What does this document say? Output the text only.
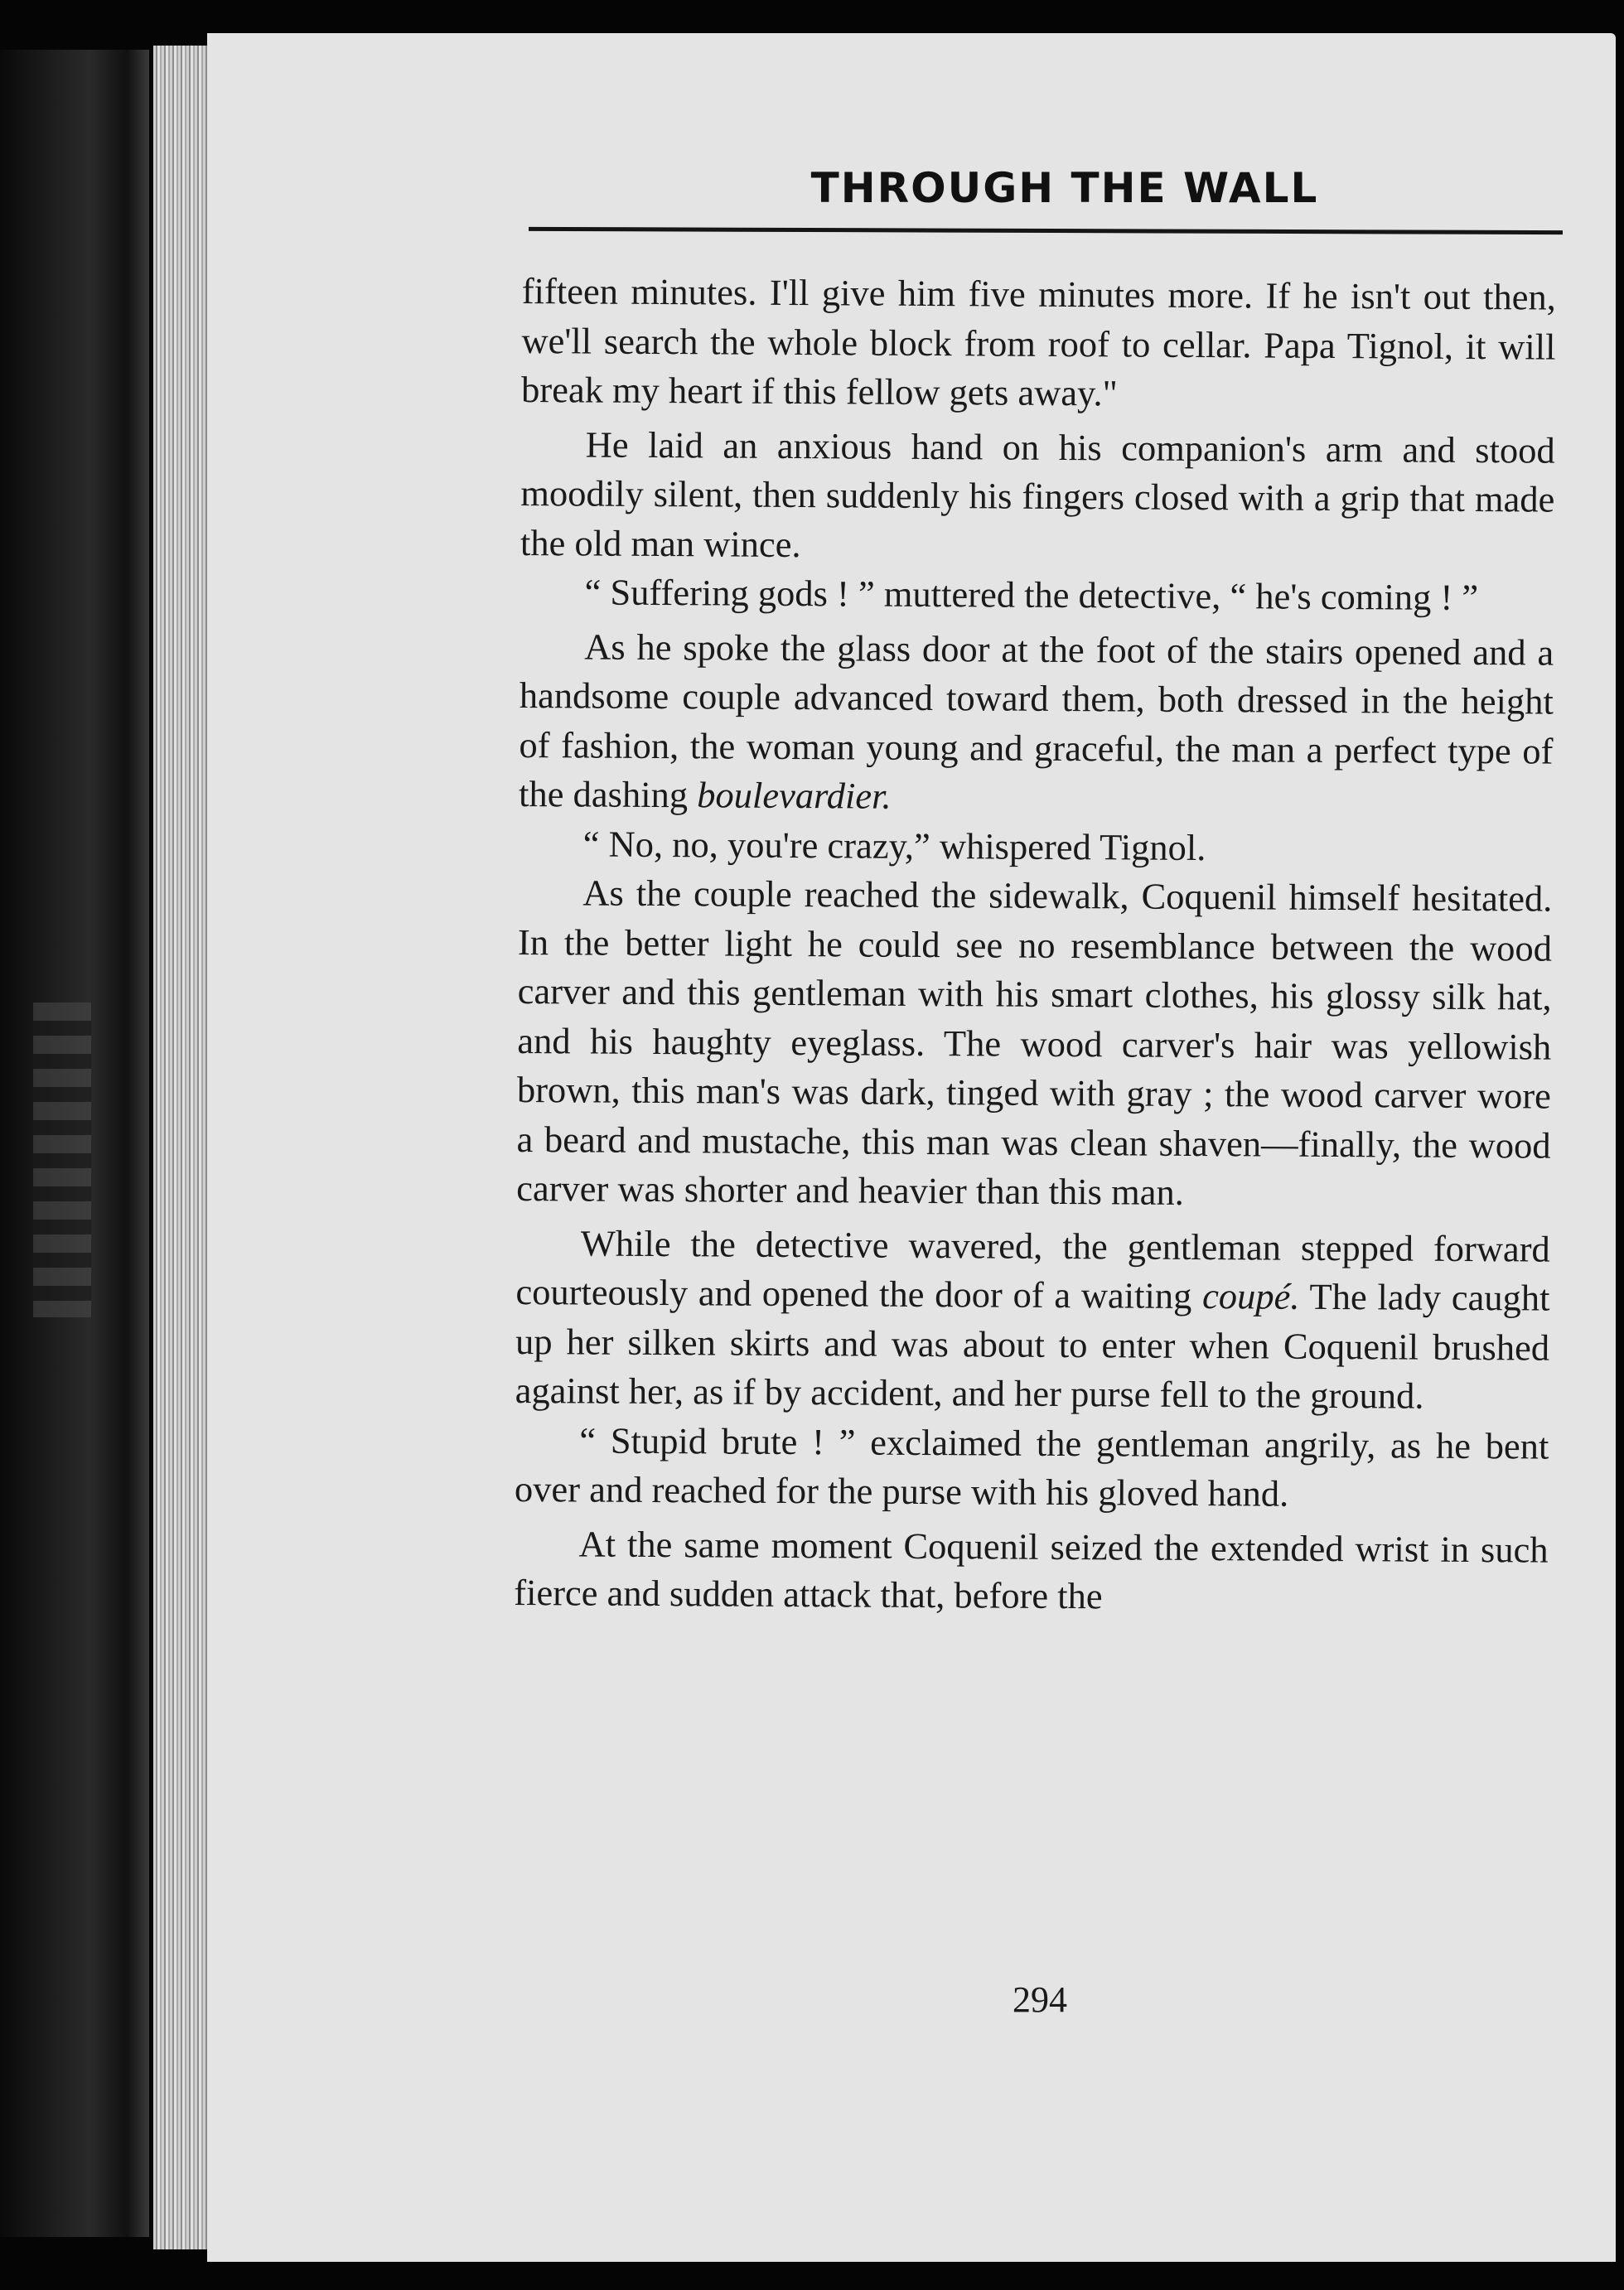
THROUGH THE WALL

fifteen minutes. I'll give him five minutes more. If he isn't out then, we'll search the whole block from roof to cellar. Papa Tignol, it will break my heart if this fellow gets away."

He laid an anxious hand on his companion's arm and stood moodily silent, then suddenly his fingers closed with a grip that made the old man wince.

“ Suffering gods ! ” muttered the detective, “ he's coming ! ”

As he spoke the glass door at the foot of the stairs opened and a handsome couple advanced toward them, both dressed in the height of fashion, the woman young and graceful, the man a perfect type of the dashing boulevardier.

“ No, no, you're crazy,” whispered Tignol.

As the couple reached the sidewalk, Coquenil himself hesitated. In the better light he could see no resemblance between the wood carver and this gentleman with his smart clothes, his glossy silk hat, and his haughty eyeglass. The wood carver's hair was yellowish brown, this man's was dark, tinged with gray ; the wood carver wore a beard and mustache, this man was clean shaven—finally, the wood carver was shorter and heavier than this man.

While the detective wavered, the gentleman stepped forward courteously and opened the door of a waiting coupé. The lady caught up her silken skirts and was about to enter when Coquenil brushed against her, as if by accident, and her purse fell to the ground.

“ Stupid brute ! ” exclaimed the gentleman angrily, as he bent over and reached for the purse with his gloved hand.

At the same moment Coquenil seized the extended wrist in such fierce and sudden attack that, before the

294
